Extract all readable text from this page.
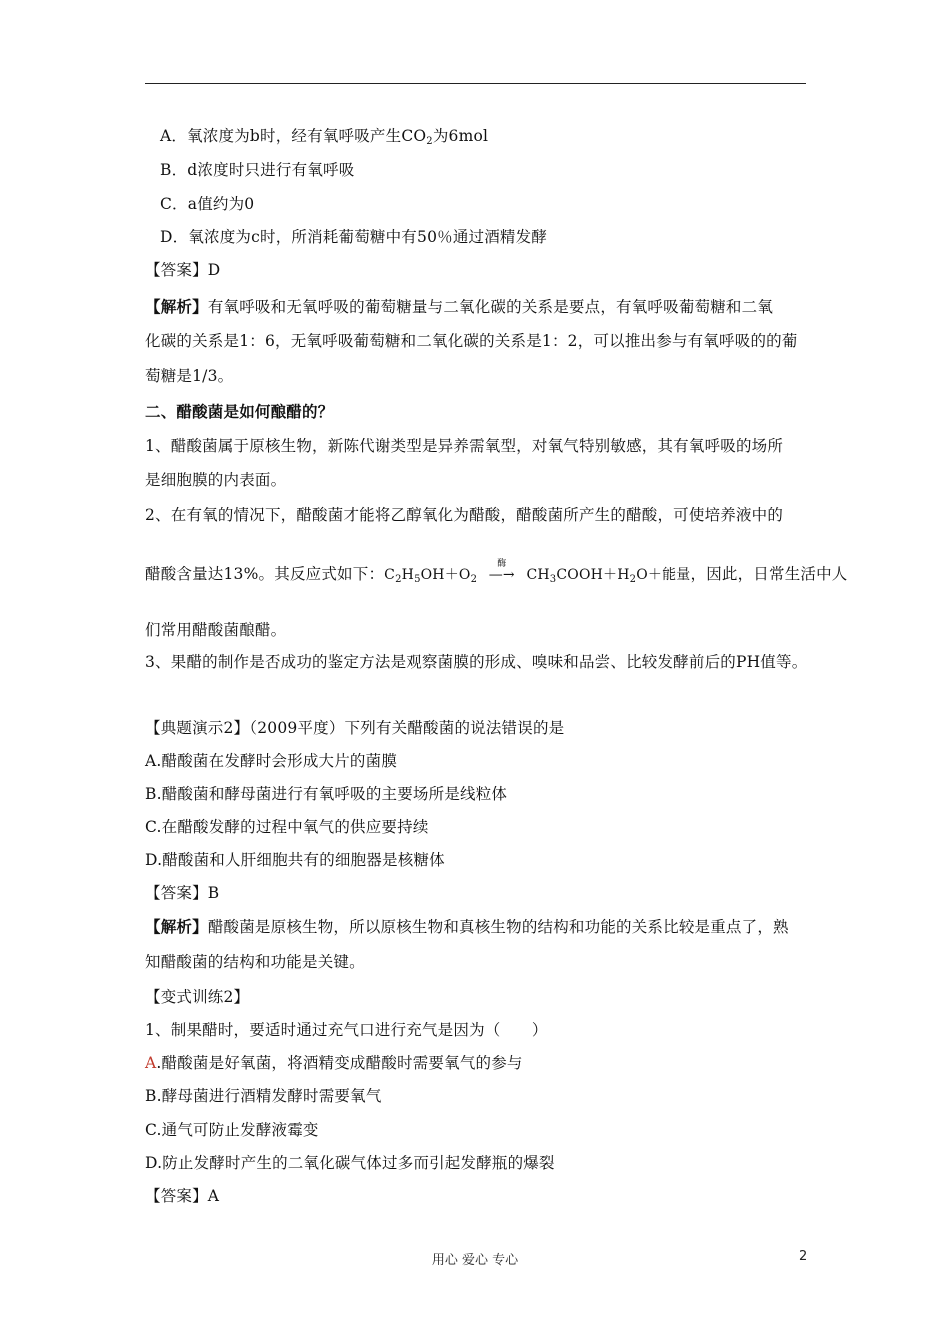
A．氧浓度为b时，经有氧呼吸产生$CO_2$为6mol
B．d浓度时只进行有氧呼吸
C．a值约为0
D．氧浓度为c时，所消耗葡萄糖中有50％通过酒精发酵
【答案】D
【解析】有氧呼吸和无氧呼吸的葡萄糖量与二氧化碳的关系是要点，有氧呼吸葡萄糖和二氧
化碳的关系是1：6，无氧呼吸葡萄糖和二氧化碳的关系是1：2，可以推出参与有氧呼吸的的葡
萄糖是1/3。
二、醋酸菌是如何酿醋的？
1、醋酸菌属于原核生物，新陈代谢类型是异养需氧型，对氧气特别敏感，其有氧呼吸的场所
是细胞膜的内表面。
2、在有氧的情况下，醋酸菌才能将乙醇氧化为醋酸，醋酸菌所产生的醋酸，可使培养液中的
醋酸含量达13%。其反应式如下：$C_2H_5OH+O_2$
酶
—→ $CH_3COOH+H_2O+$能量，因此，日常生活中人
们常用醋酸菌酿醋。
3、果醋的制作是否成功的鉴定方法是观察菌膜的形成、嗅味和品尝、比较发酵前后的PH值等。
【典题演示2】（2009平度）下列有关醋酸菌的说法错误的是
A.醋酸菌在发酵时会形成大片的菌膜
B.醋酸菌和酵母菌进行有氧呼吸的主要场所是线粒体
C.在醋酸发酵的过程中氧气的供应要持续
D.醋酸菌和人肝细胞共有的细胞器是核糖体
【答案】B
【解析】醋酸菌是原核生物，所以原核生物和真核生物的结构和功能的关系比较是重点了，熟
知醋酸菌的结构和功能是关键。
【变式训练2】
1、制果醋时，要适时通过充气口进行充气是因为（　　）
A.醋酸菌是好氧菌，将酒精变成醋酸时需要氧气的参与
B.酵母菌进行酒精发酵时需要氧气
C.通气可防止发酵液霉变
D.防止发酵时产生的二氧化碳气体过多而引起发酵瓶的爆裂
【答案】A
用心 爱心 专心	2
